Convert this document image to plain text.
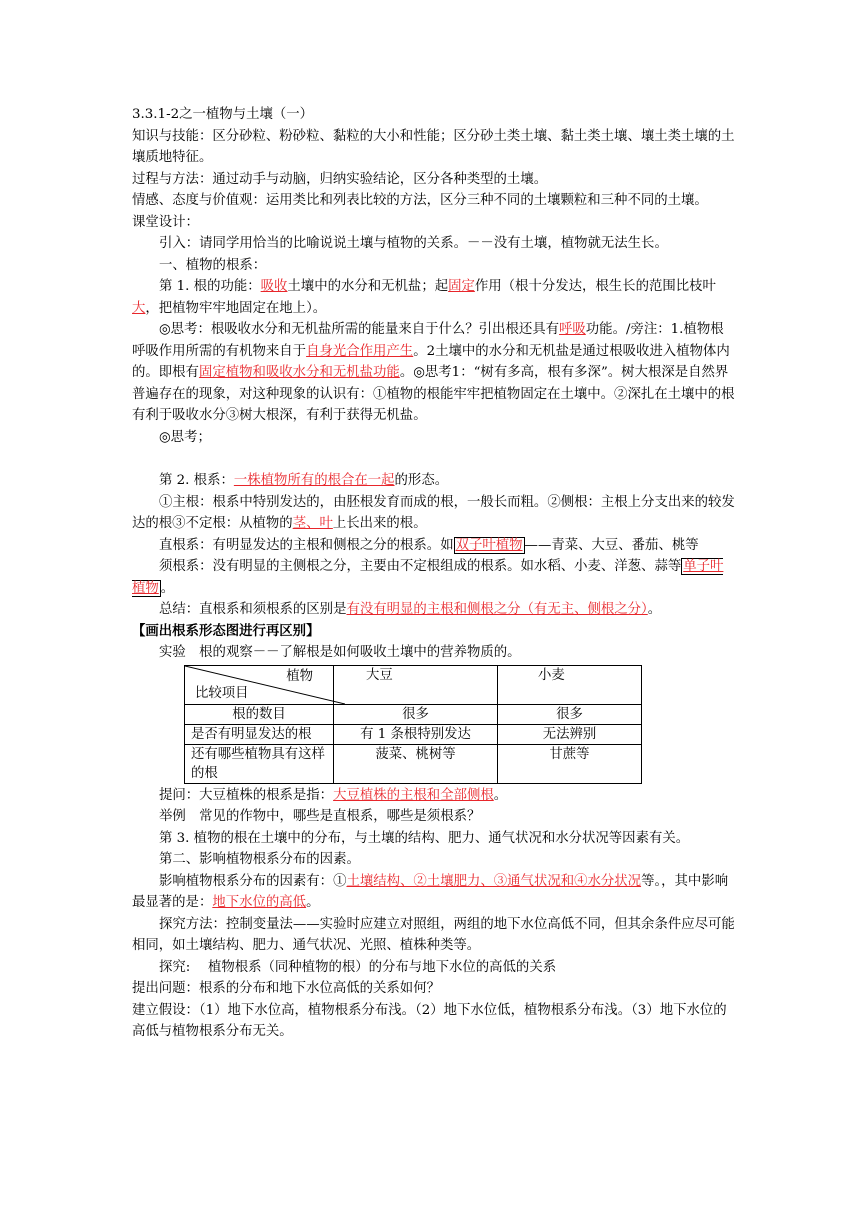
3.3.1-2之一植物与土壤（一）

知识与技能：区分砂粒、粉砂粒、黏粒的大小和性能；区分砂土类土壤、黏土类土壤、壤土类土壤的土壤质地特征。

过程与方法：通过动手与动脑，归纳实验结论，区分各种类型的土壤。

情感、态度与价值观：运用类比和列表比较的方法，区分三种不同的土壤颗粒和三种不同的土壤。

课堂设计：

引入：请同学用恰当的比喻说说土壤与植物的关系。－－没有土壤，植物就无法生长。

一、植物的根系：

第 1. 根的功能：吸收土壤中的水分和无机盐；起固定作用（根十分发达，根生长的范围比枝叶大，把植物牢牢地固定在地上）。

◎思考：根吸收水分和无机盐所需的能量来自于什么？引出根还具有呼吸功能。/旁注：1.植物根呼吸作用所需的有机物来自于自身光合作用产生。2土壤中的水分和无机盐是通过根吸收进入植物体内的。即根有固定植物和吸收水分和无机盐功能。◎思考1：“树有多高，根有多深”。树大根深是自然界普遍存在的现象，对这种现象的认识有：①植物的根能牢牢把植物固定在土壤中。②深扎在土壤中的根有利于吸收水分③树大根深，有利于获得无机盐。

◎思考；

第 2. 根系：一株植物所有的根合在一起的形态。

①主根：根系中特别发达的，由胚根发育而成的根，一般长而粗。②侧根：主根上分支出来的较发达的根③不定根：从植物的茎、叶上长出来的根。

直根系：有明显发达的主根和侧根之分的根系。如 双子叶植物 ——青菜、大豆、番茄、桃等

须根系：没有明显的主侧根之分，主要由不定根组成的根系。如水稻、小麦、洋葱、蒜等 单子叶植物 。

总结：直根系和须根系的区别是有没有明显的主根和侧根之分（有无主、侧根之分）。

【画出根系形态图进行再区别】

实验　根的观察－－了解根是如何吸收土壤中的营养物质的。

植物
比较项目	大豆	小麦
根的数目	很多	很多
是否有明显发达的根	有 1 条根特别发达	无法辨别
还有哪些植物具有这样的根	菠菜、桃树等	甘蔗等

提问：大豆植株的根系是指：大豆植株的主根和全部侧根。

举例　常见的作物中，哪些是直根系，哪些是须根系？

第 3. 植物的根在土壤中的分布，与土壤的结构、肥力、通气状况和水分状况等因素有关。

第二、影响植物根系分布的因素。

影响植物根系分布的因素有：①土壤结构、②土壤肥力、③通气状况和④水分状况等。，其中影响最显著的是：地下水位的高低。

探究方法：控制变量法——实验时应建立对照组，两组的地下水位高低不同，但其余条件应尽可能相同，如土壤结构、肥力、通气状况、光照、植株种类等。

探究:　 植物根系（同种植物的根）的分布与地下水位的高低的关系

提出问题：根系的分布和地下水位高低的关系如何？

建立假设：（1）地下水位高，植物根系分布浅。（2）地下水位低，植物根系分布浅。（3）地下水位的高低与植物根系分布无关。
